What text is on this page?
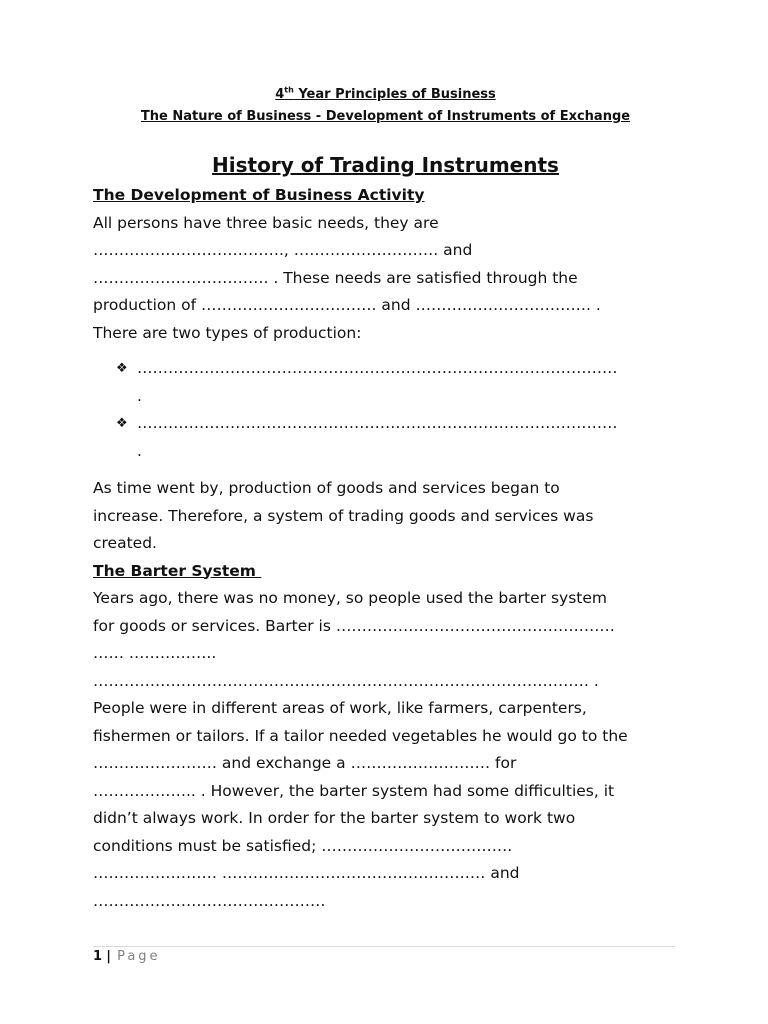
4th Year Principles of Business
The Nature of Business - Development of Instruments of Exchange
History of Trading Instruments
The Development of Business Activity

All persons have three basic needs, they are
………………………………., ………………………. and
……………………………. . These needs are satisfied through the
production of ……………………………. and ……………………………. .
There are two types of production:

❖ …………………………………………………………………………………
.
❖ …………………………………………………………………………………
.

As time went by, production of goods and services began to
increase. Therefore, a system of trading goods and services was
created.

The Barter System

Years ago, there was no money, so people used the barter system
for goods or services. Barter is ………………………………………………
…… ……………..
…………………………………………………………………………………… .
People were in different areas of work, like farmers, carpenters,
fishermen or tailors. If a tailor needed vegetables he would go to the
…………………… and exchange a ……………………… for
……………….. . However, the barter system had some difficulties, it
didn’t always work. In order for the barter system to work two
conditions must be satisfied; ……………………………….
…………………… …………………………………………… and
………………………………………

1 | Page
